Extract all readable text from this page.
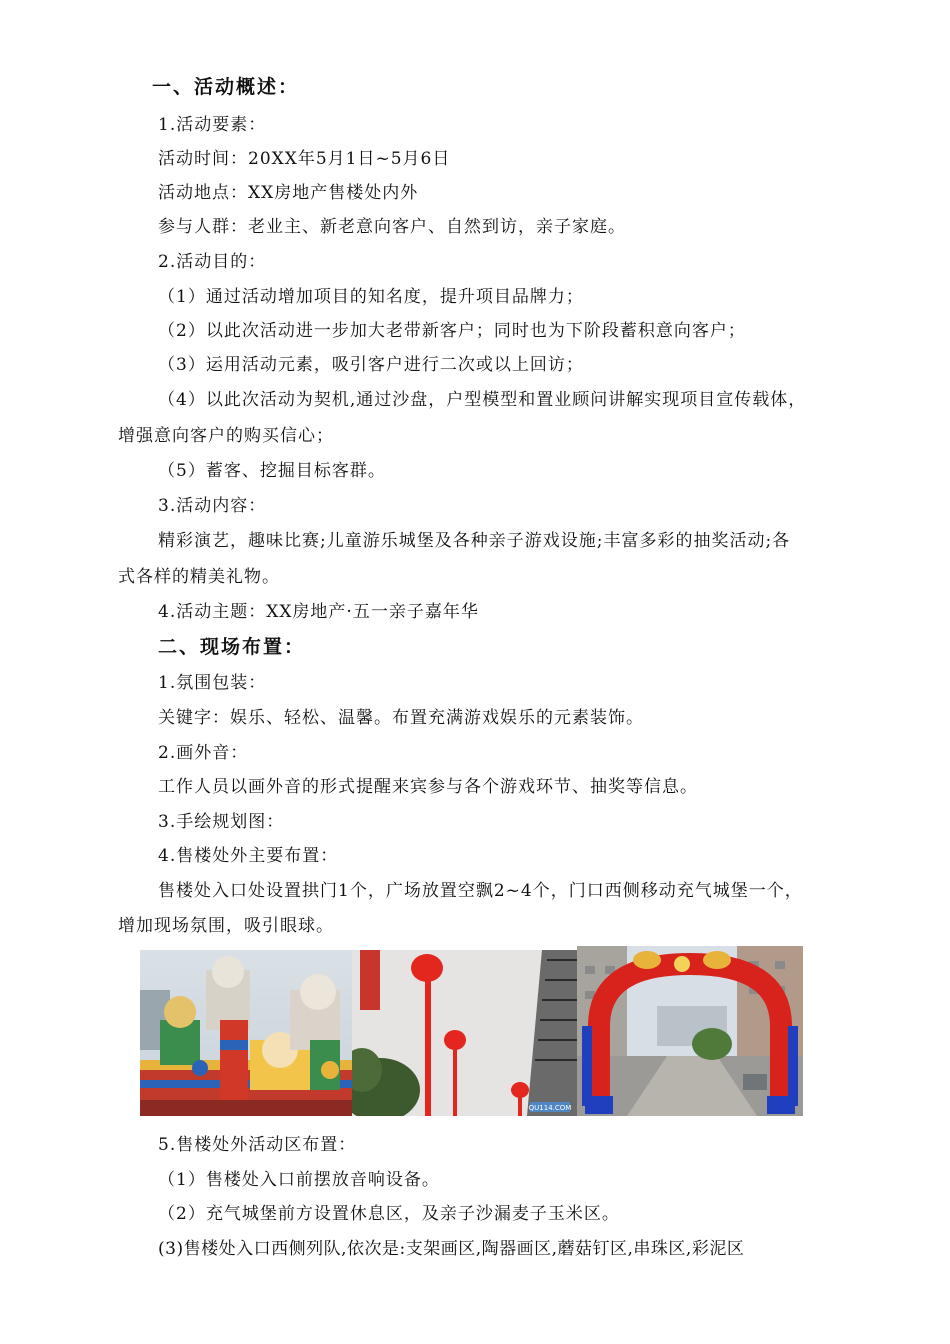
一、活动概述：
1.活动要素：
活动时间：20XX年5月1日~5月6日
活动地点：XX房地产售楼处内外
参与人群：老业主、新老意向客户、自然到访，亲子家庭。
2.活动目的：
（1）通过活动增加项目的知名度，提升项目品牌力；
（2）以此次活动进一步加大老带新客户；同时也为下阶段蓄积意向客户；
（3）运用活动元素，吸引客户进行二次或以上回访；
（4）以此次活动为契机,通过沙盘，户型模型和置业顾问讲解实现项目宣传载体，
增强意向客户的购买信心；
（5）蓄客、挖掘目标客群。
3.活动内容：
精彩演艺，趣味比赛;儿童游乐城堡及各种亲子游戏设施;丰富多彩的抽奖活动;各
式各样的精美礼物。
4.活动主题：XX房地产·五一亲子嘉年华
二、现场布置：
1.氛围包装：
关键字：娱乐、轻松、温馨。布置充满游戏娱乐的元素装饰。
2.画外音：
工作人员以画外音的形式提醒来宾参与各个游戏环节、抽奖等信息。
3.手绘规划图：
4.售楼处外主要布置：
售楼处入口处设置拱门1个，广场放置空飘2~4个，门口西侧移动充气城堡一个，
增加现场氛围，吸引眼球。
QU114.COM
5.售楼处外活动区布置：
（1）售楼处入口前摆放音响设备。
（2）充气城堡前方设置休息区，及亲子沙漏麦子玉米区。
(3)售楼处入口西侧列队,依次是:支架画区,陶器画区,蘑菇钉区,串珠区,彩泥区
